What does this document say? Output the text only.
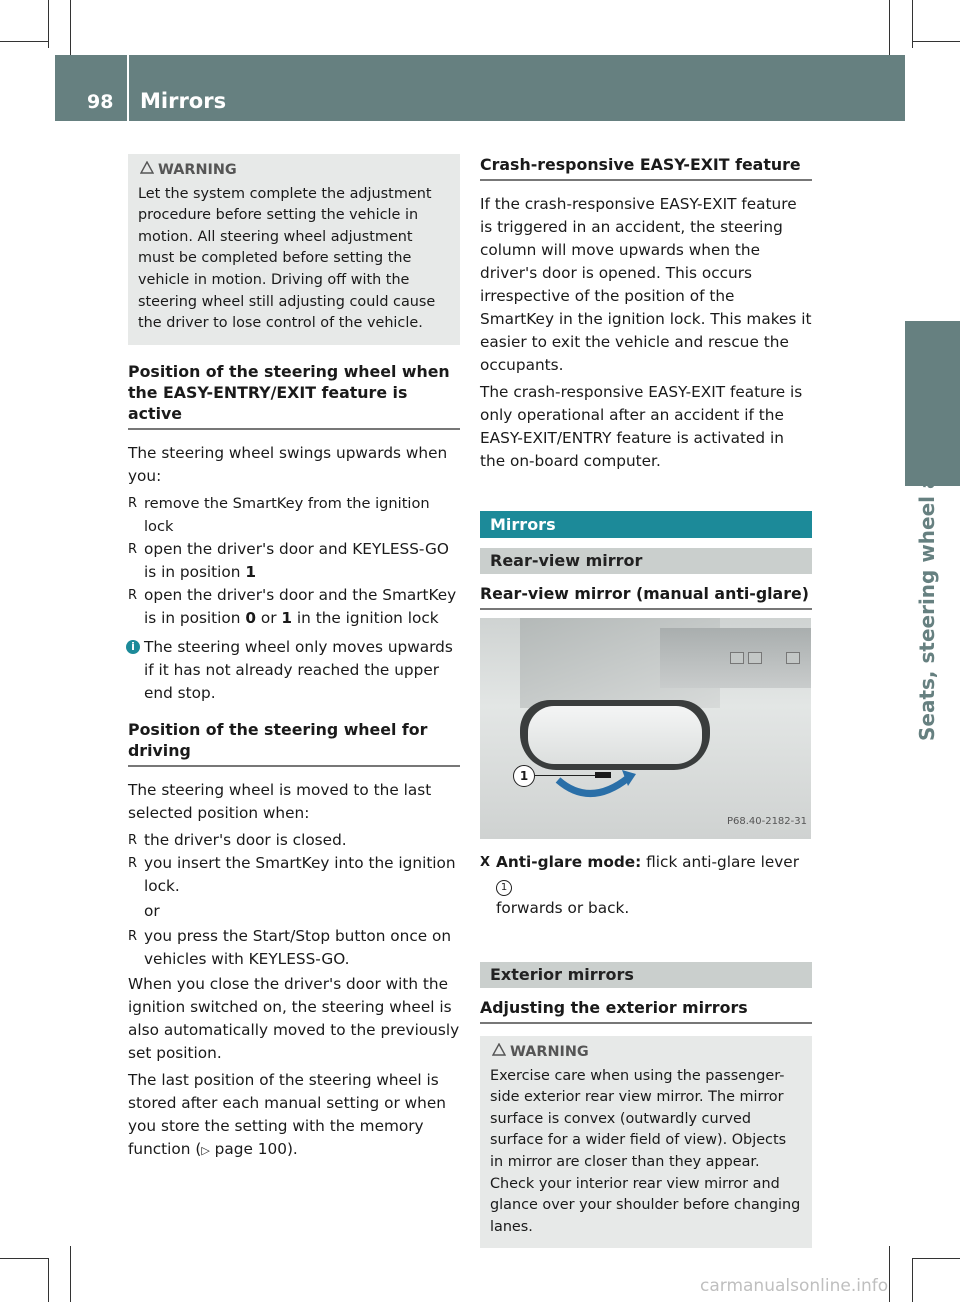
98 Mirrors
Seats, steering wheel and mirrors
WARNING

Let the system complete the adjustment procedure before setting the vehicle in motion. All steering wheel adjustment must be completed before setting the vehicle in motion. Driving off with the steering wheel still adjusting could cause the driver to lose control of the vehicle.

Position of the steering wheel when the EASY-ENTRY/EXIT feature is active

The steering wheel swings upwards when you:

R remove the SmartKey from the ignition lock
R open the driver's door and KEYLESS-GO is in position 1
R open the driver's door and the SmartKey is in position 0 or 1 in the ignition lock
i The steering wheel only moves upwards if it has not already reached the upper end stop.
Position of the steering wheel for driving

The steering wheel is moved to the last selected position when:

R the driver's door is closed.
R you insert the SmartKey into the ignition lock.

or

R you press the Start/Stop button once on vehicles with KEYLESS-GO.

When you close the driver's door with the ignition switched on, the steering wheel is also automatically moved to the previously set position.

The last position of the steering wheel is stored after each manual setting or when you store the setting with the memory function (▷ page 100).

Crash-responsive EASY-EXIT feature

If the crash-responsive EASY-EXIT feature is triggered in an accident, the steering column will move upwards when the driver's door is opened. This occurs irrespective of the position of the SmartKey in the ignition lock. This makes it easier to exit the vehicle and rescue the occupants.

The crash-responsive EASY-EXIT feature is only operational after an accident if the EASY-EXIT/ENTRY feature is activated in the on-board computer.

Mirrors
Rear-view mirror
Rear-view mirror (manual anti-glare)
1
P68.40-2182-31
X Anti-glare mode: flick anti-glare lever 1
forwards or back.
Exterior mirrors
Adjusting the exterior mirrors
WARNING

Exercise care when using the passenger-side exterior rear view mirror. The mirror surface is convex (outwardly curved surface for a wider field of view). Objects in mirror are closer than they appear. Check your interior rear view mirror and glance over your shoulder before changing lanes.

carmanualsonline.info
